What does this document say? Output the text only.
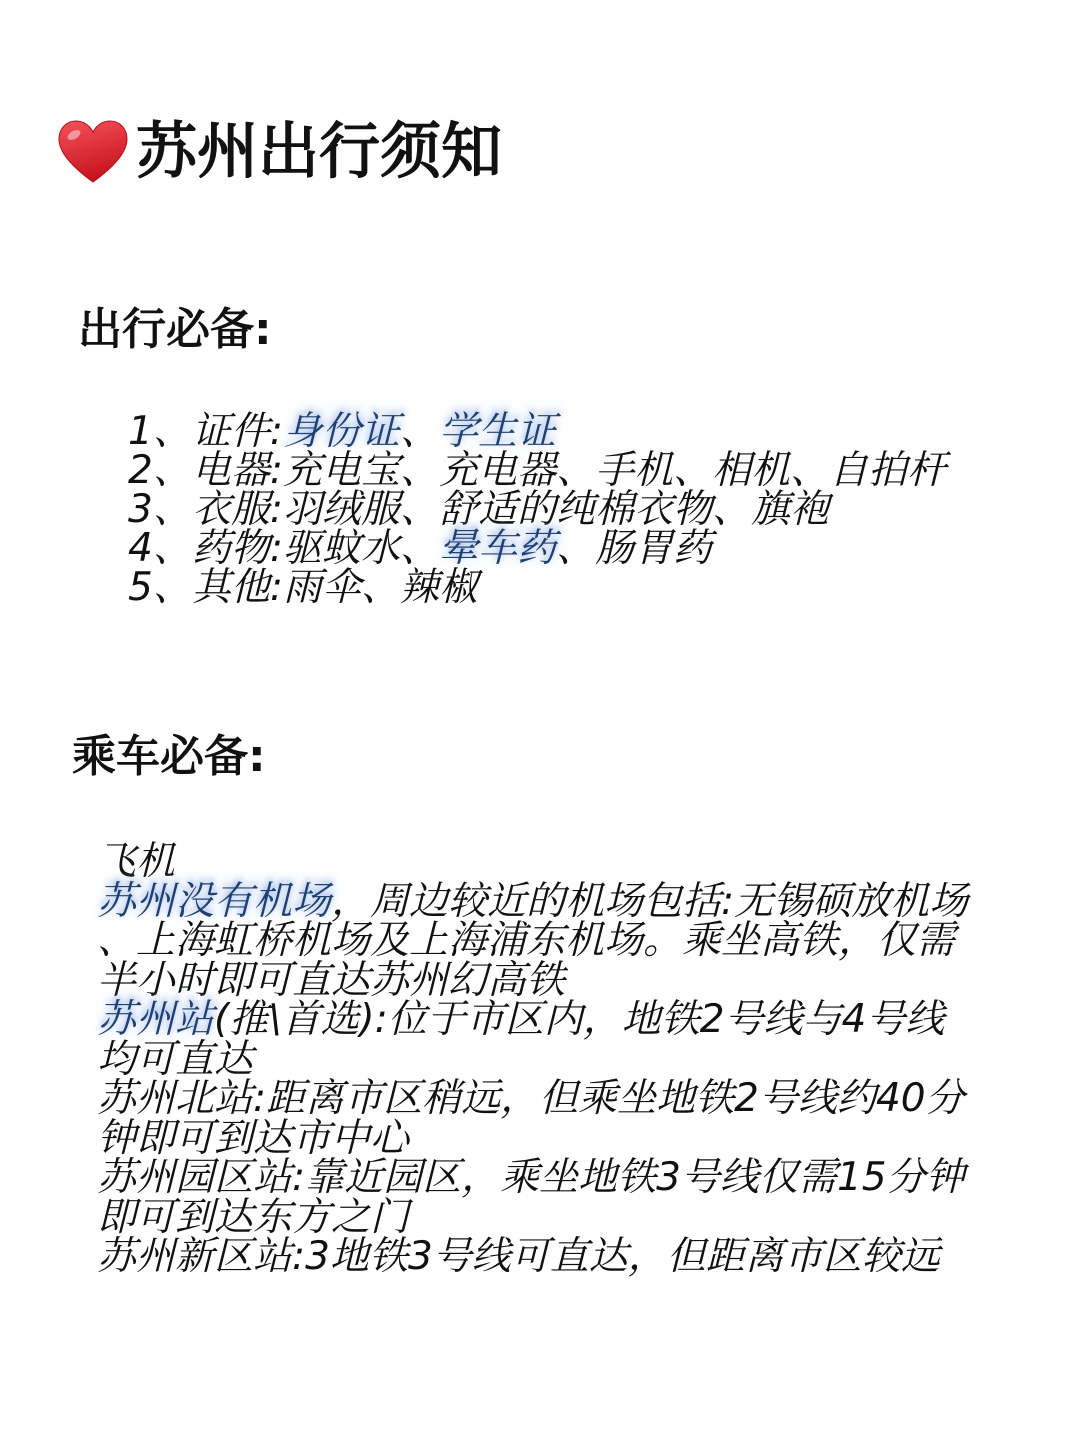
苏州出行须知
出行必备:
1、证件:身份证、学生证
2、电器:充电宝、充电器、手机、相机、自拍杆
3、衣服:羽绒服、舒适的纯棉衣物、旗袍
4、药物:驱蚊水、晕车药、肠胃药
5、其他:雨伞、辣椒
乘车必备:
飞机
苏州没有机场，周边较近的机场包括:无锡硕放机场
、上海虹桥机场及上海浦东机场。乘坐高铁，仅需
半小时即可直达苏州幻高铁
苏州站(推\首选):位于市区内，地铁2号线与4号线
均可直达
苏州北站:距离市区稍远，但乘坐地铁2号线约40分
钟即可到达市中心
苏州园区站:靠近园区，乘坐地铁3号线仅需15分钟
即可到达东方之门
苏州新区站:3地铁3号线可直达，但距离市区较远
